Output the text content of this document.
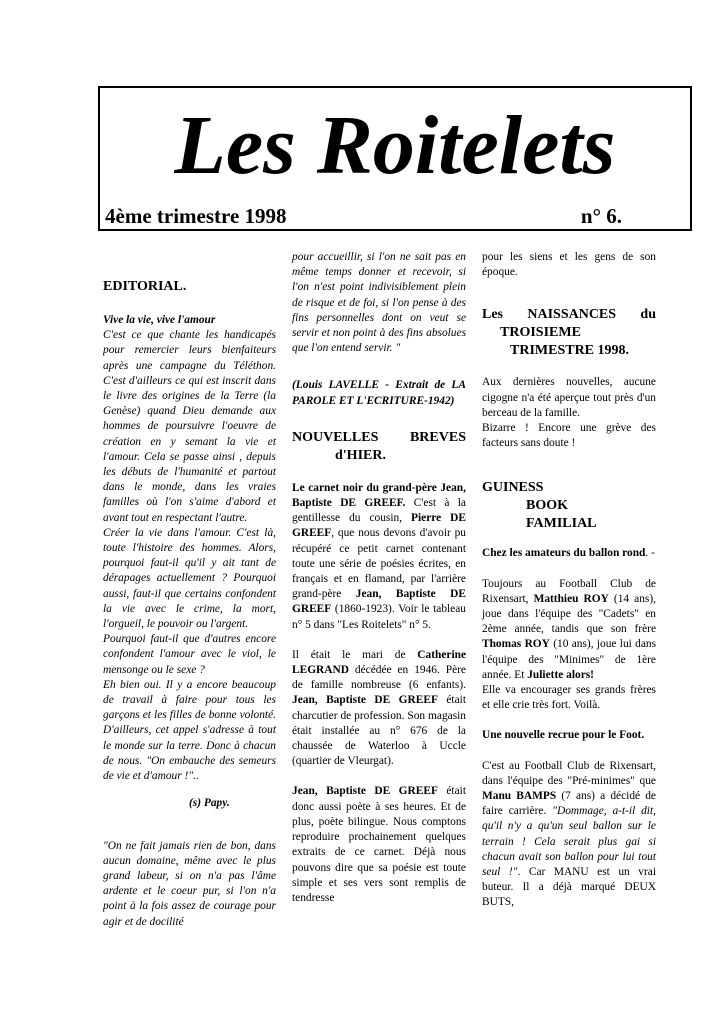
Les Roitelets
4ème trimestre 1998	n° 6.
EDITORIAL.

Vive la vie, vive l'amour

C'est ce que chante les handicapés pour remercier leurs bienfaiteurs après une campagne du Téléthon. C'est d'ailleurs ce qui est inscrit dans le livre des origines de la Terre (la Genèse) quand Dieu demande aux hommes de poursuivre l'oeuvre de création en y semant la vie et l'amour. Cela se passe ainsi , depuis les débuts de l'humanité et partout dans le monde, dans les vraies familles où l'on s'aime d'abord et avant tout en respectant l'autre.

Créer la vie dans l'amour. C'est là, toute l'histoire des hommes. Alors, pourquoi faut-il qu'il y ait tant de dérapages actuellement ? Pourquoi aussi, faut-il que certains confondent la vie avec le crime, la mort, l'orgueil, le pouvoir ou l'argent.

Pourquoi faut-il que d'autres encore confondent l'amour avec le viol, le mensonge ou le sexe ?

Eh bien oui. Il y a encore beaucoup de travail à faire pour tous les garçons et les filles de bonne volonté. D'ailleurs, cet appel s'adresse à tout le monde sur la terre. Donc à chacun de nous. "On embauche des semeurs de vie et d'amour !"..

(s) Papy.

"On ne fait jamais rien de bon, dans aucun domaine, même avec le plus grand labeur, si on n'a pas l'âme ardente et le coeur pur, si l'on n'a point à la fois assez de courage pour agir et de docilité

pour accueillir, si l'on ne sait pas en même temps donner et recevoir, si l'on n'est point indivisiblement plein de risque et de foi, si l'on pense à des fins personnelles dont on veut se servir et non point à des fins absolues que l'on entend servir. "

(Louis LAVELLE - Extrait de LA PAROLE ET L'ECRITURE-1942)

NOUVELLES BREVES
d'HIER.

Le carnet noir du grand-père Jean, Baptiste DE GREEF. C'est à la gentillesse du cousin, Pierre DE GREEF, que nous devons d'avoir pu récupéré ce petit carnet contenant toute une série de poésies écrites, en français et en flamand, par l'arrière grand-père Jean, Baptiste DE GREEF (1860-1923). Voir le tableau n° 5 dans "Les Roitelets" n° 5.

Il était le mari de Catherine LEGRAND décédée en 1946. Père de famille nombreuse (6 enfants). Jean, Baptiste DE GREEF était charcutier de profession. Son magasin était installée au n° 676 de la chaussée de Waterloo à Uccle (quartier de Vleurgat).

Jean, Baptiste DE GREEF était donc aussi poète à ses heures. Et de plus, poète bilingue. Nous comptons reproduire prochainement quelques extraits de ce carnet. Déjà nous pouvons dire que sa poésie est toute simple et ses vers sont remplis de tendresse

pour les siens et les gens de son époque.

Les NAISSANCES du
TROISIEME
TRIMESTRE 1998.

Aux dernières nouvelles, aucune cigogne n'a été aperçue tout près d'un berceau de la famille.

Bizarre ! Encore une grève des facteurs sans doute !

GUINESS
BOOK
FAMILIAL

Chez les amateurs du ballon rond. -

Toujours au Football Club de Rixensart, Matthieu ROY (14 ans), joue dans l'équipe des "Cadets" en 2ème année, tandis que son frère Thomas ROY (10 ans), joue lui dans l'équipe des "Minimes" de 1ère année. Et Juliette alors!

Elle va encourager ses grands frères et elle crie très fort. Voilà.

Une nouvelle recrue pour le Foot.

C'est au Football Club de Rixensart, dans l'équipe des "Pré-minimes" que Manu BAMPS (7 ans) a décidé de faire carrière. "Dommage, a-t-il dit, qu'il n'y a qu'un seul ballon sur le terrain ! Cela serait plus gai si chacun avait son ballon pour lui tout seul !". Car MANU est un vrai buteur. Il a déjà marqué DEUX BUTS,
